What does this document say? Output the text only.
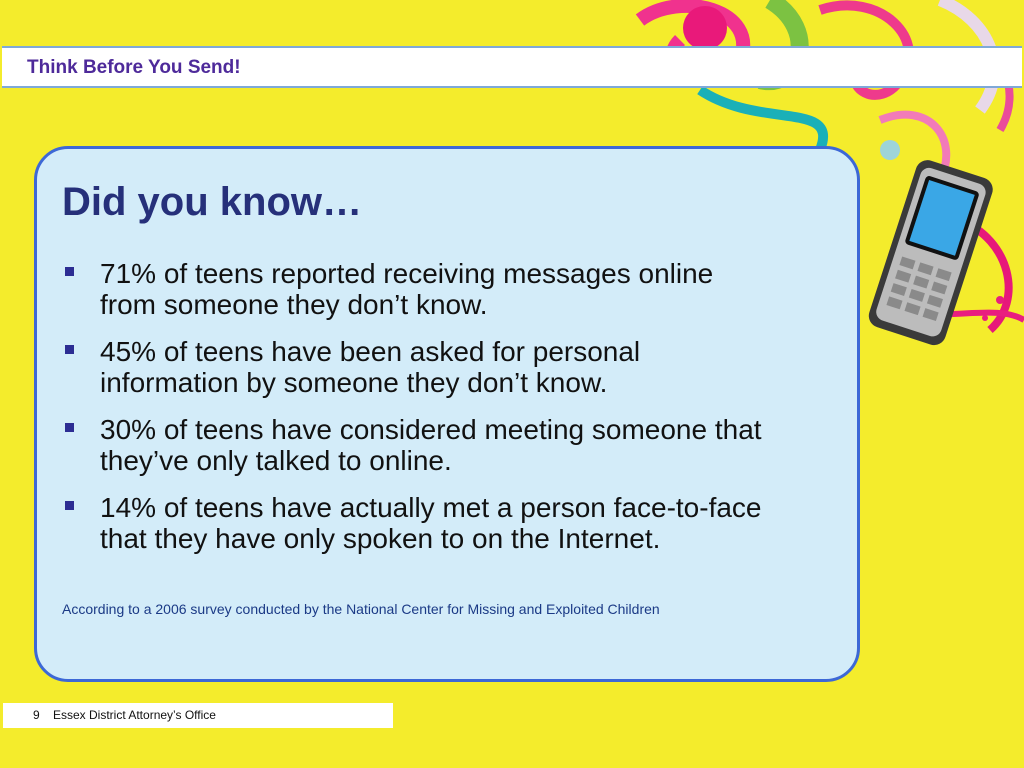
Think Before You Send!
Did you know…
71% of teens reported receiving messages online
from someone they don’t know.
45% of teens have been asked for personal
information by someone they don’t know.
30% of teens have considered meeting someone that
they’ve only talked to online.
14% of teens have actually met a person face-to-face
that they have only spoken to on the Internet.
According to a 2006 survey conducted by the National Center for Missing and Exploited Children
9 Essex District Attorney’s Office
